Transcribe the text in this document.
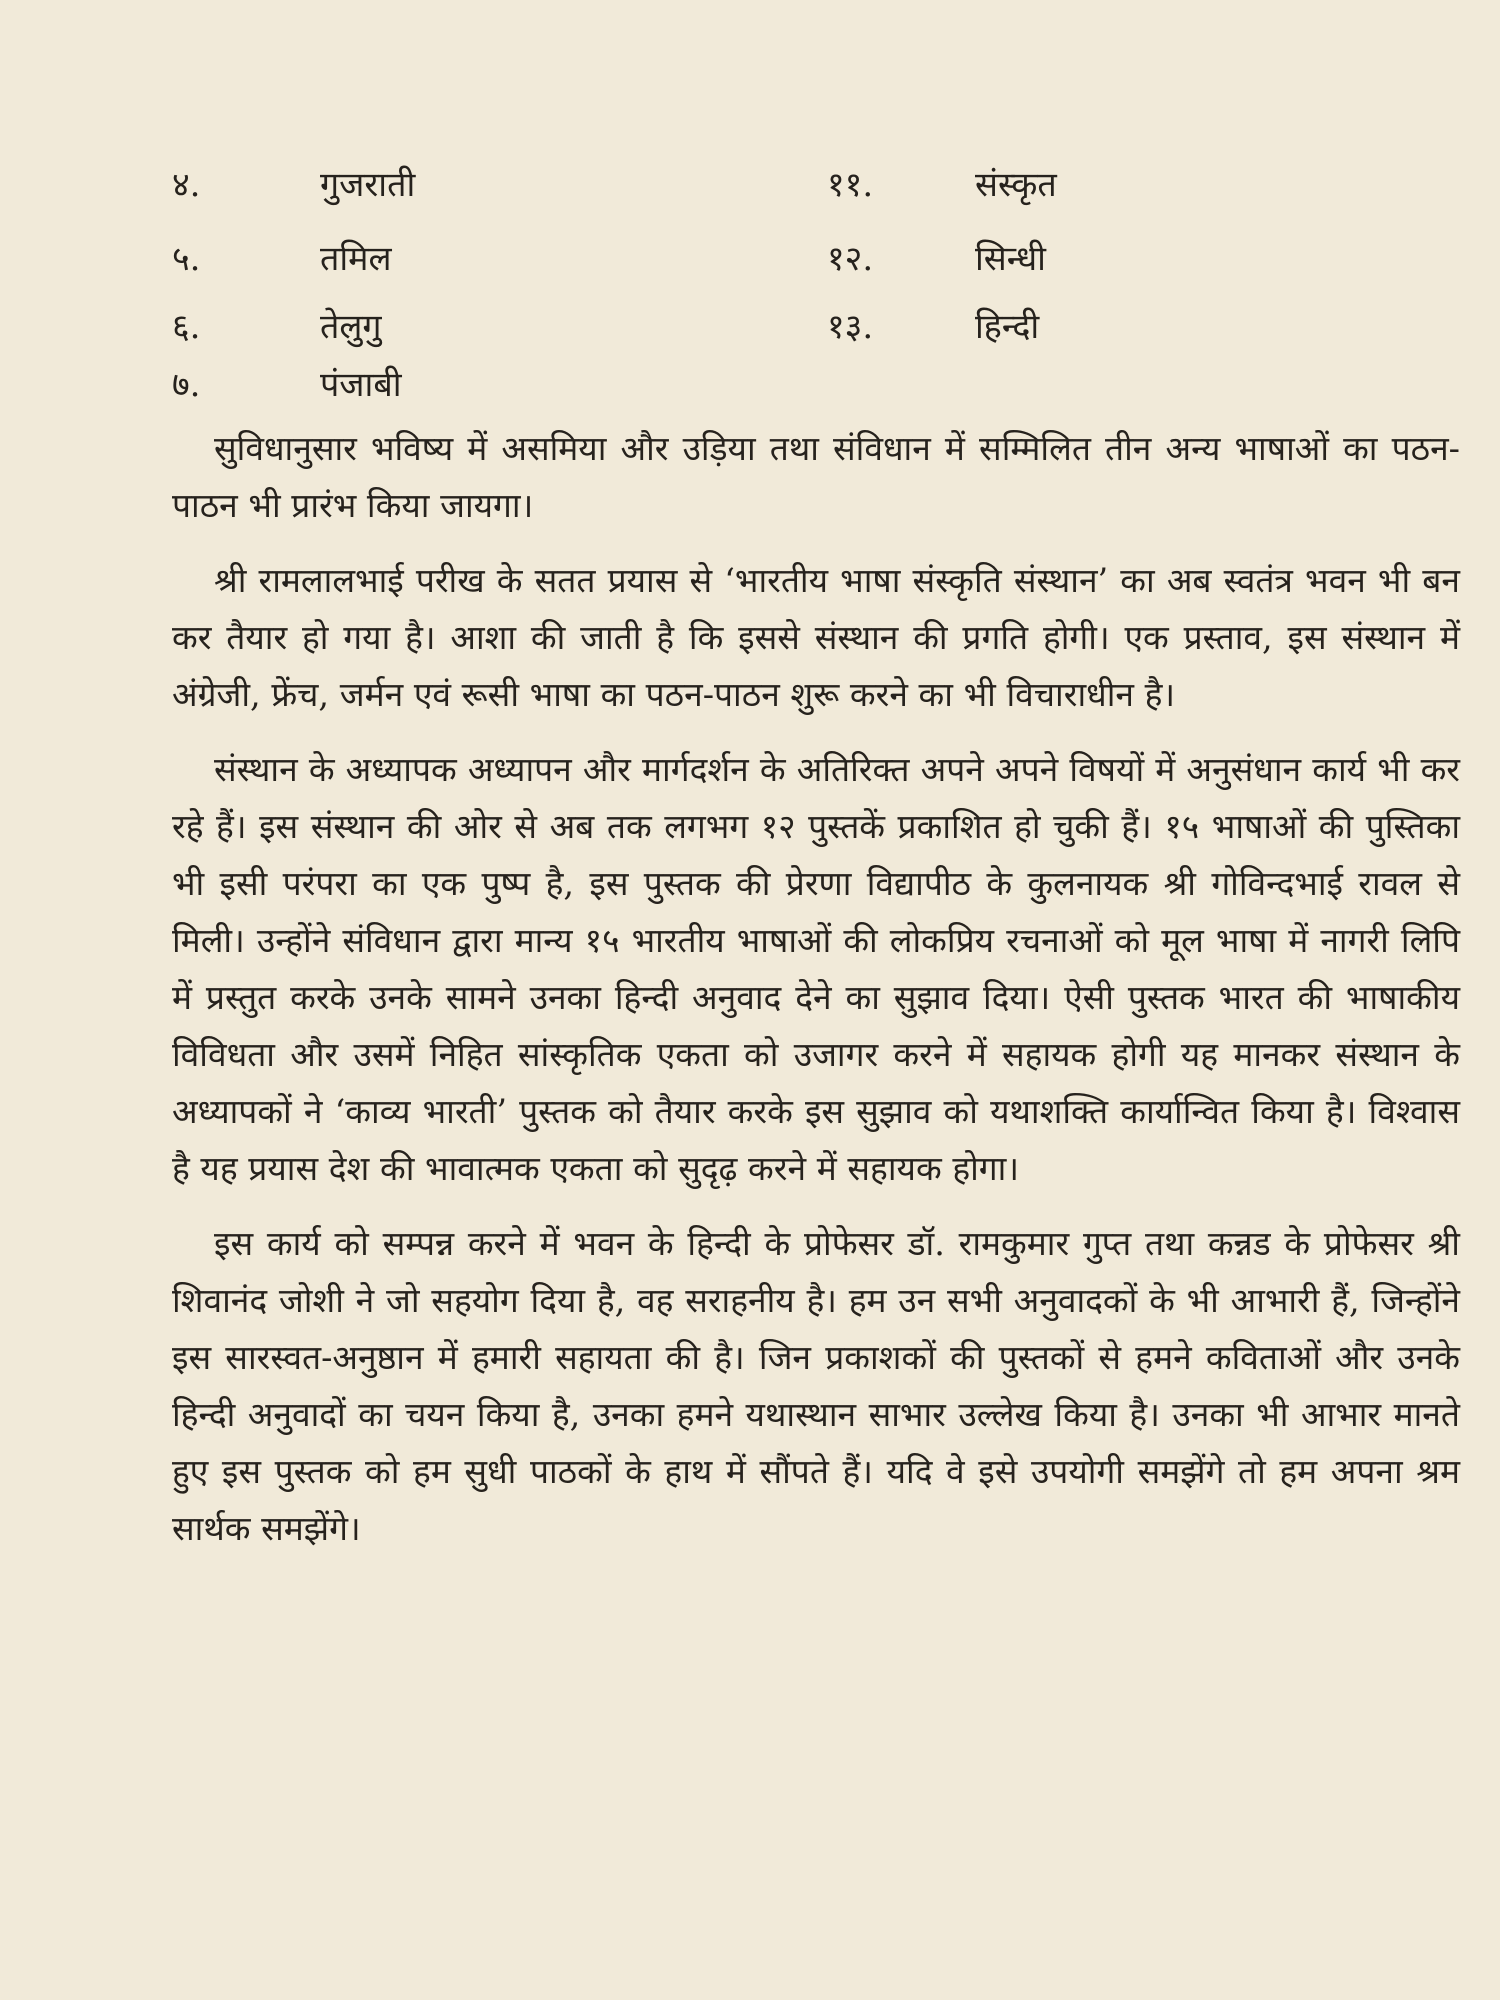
४.	गुजराती
५.	तमिल
६.	तेलुगु
७.	पंजाबी
११.	संस्कृत
१२.	सिन्धी
१३.	हिन्दी

सुविधानुसार भविष्य में असमिया और उड़िया तथा संविधान में सम्मिलित तीन अन्य भाषाओं का पठन-पाठन भी प्रारंभ किया जायगा।

श्री रामलालभाई परीख के सतत प्रयास से ‘भारतीय भाषा संस्कृति संस्थान’ का अब स्वतंत्र भवन भी बन कर तैयार हो गया है। आशा की जाती है कि इससे संस्थान की प्रगति होगी। एक प्रस्ताव, इस संस्थान में अंग्रेजी, फ्रेंच, जर्मन एवं रूसी भाषा का पठन-पाठन शुरू करने का भी विचाराधीन है।

संस्थान के अध्यापक अध्यापन और मार्गदर्शन के अतिरिक्त अपने अपने विषयों में अनुसंधान कार्य भी कर रहे हैं। इस संस्थान की ओर से अब तक लगभग १२ पुस्तकें प्रकाशित हो चुकी हैं। १५ भाषाओं की पुस्तिका भी इसी परंपरा का एक पुष्प है, इस पुस्तक की प्रेरणा विद्यापीठ के कुलनायक श्री गोविन्दभाई रावल से मिली। उन्होंने संविधान द्वारा मान्य १५ भारतीय भाषाओं की लोकप्रिय रचनाओं को मूल भाषा में नागरी लिपि में प्रस्तुत करके उनके सामने उनका हिन्दी अनुवाद देने का सुझाव दिया। ऐसी पुस्तक भारत की भाषाकीय विविधता और उसमें निहित सांस्कृतिक एकता को उजागर करने में सहायक होगी यह मानकर संस्थान के अध्यापकों ने ‘काव्य भारती’ पुस्तक को तैयार करके इस सुझाव को यथाशक्ति कार्यान्वित किया है। विश्वास है यह प्रयास देश की भावात्मक एकता को सुदृढ़ करने में सहायक होगा।

इस कार्य को सम्पन्न करने में भवन के हिन्दी के प्रोफेसर डॉ. रामकुमार गुप्त तथा कन्नड के प्रोफेसर श्री शिवानंद जोशी ने जो सहयोग दिया है, वह सराहनीय है। हम उन सभी अनुवादकों के भी आभारी हैं, जिन्होंने इस सारस्वत-अनुष्ठान में हमारी सहायता की है। जिन प्रकाशकों की पुस्तकों से हमने कविताओं और उनके हिन्दी अनुवादों का चयन किया है, उनका हमने यथास्थान साभार उल्लेख किया है। उनका भी आभार मानते हुए इस पुस्तक को हम सुधी पाठकों के हाथ में सौंपते हैं। यदि वे इसे उपयोगी समझेंगे तो हम अपना श्रम सार्थक समझेंगे।
